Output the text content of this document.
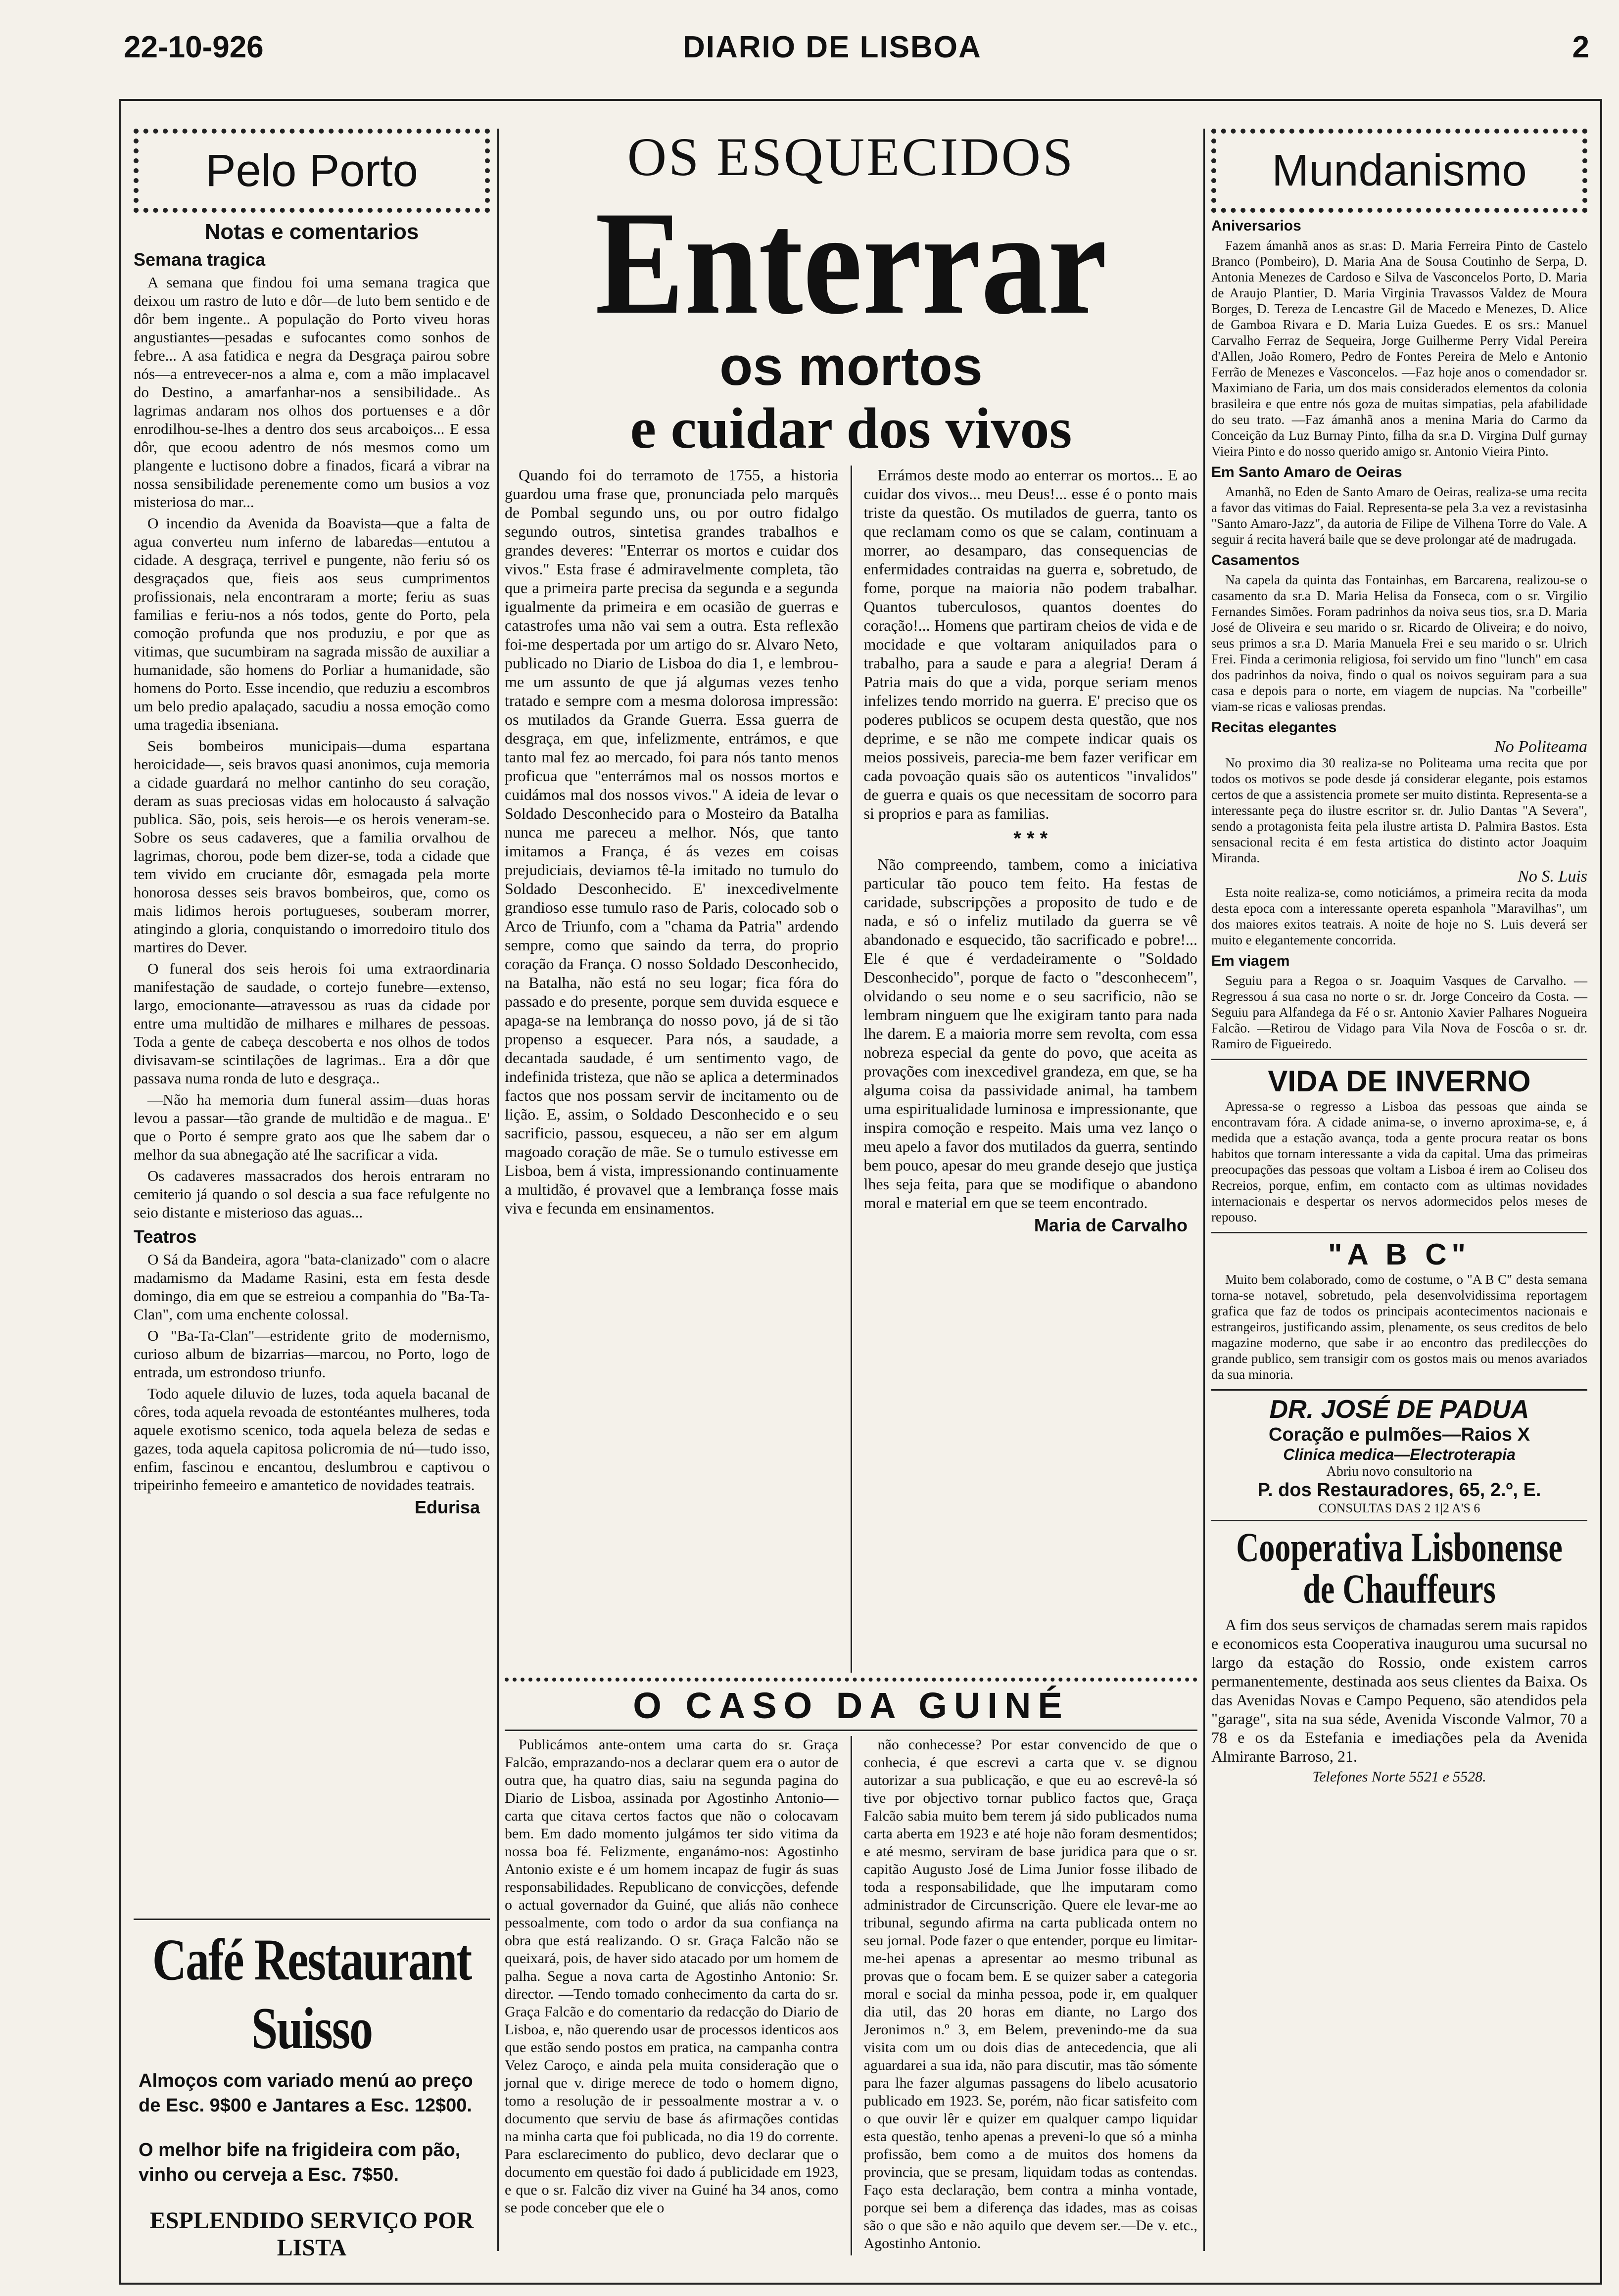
22-10-926	DIARIO DE LISBOA	2
Pelo Porto
Notas e comentarios
Semana tragica

A semana que findou foi uma semana tragica que deixou um rastro de luto e dôr—de luto bem sentido e de dôr bem ingente.. A população do Porto viveu horas angustiantes—pesadas e sufocantes como sonhos de febre... A asa fatidica e negra da Desgraça pairou sobre nós—a entrevecer-nos a alma e, com a mão implacavel do Destino, a amarfanhar-nos a sensibilidade.. As lagrimas andaram nos olhos dos portuenses e a dôr enrodilhou-se-lhes a dentro dos seus arcaboiços... E essa dôr, que ecoou adentro de nós mesmos como um plangente e luctisono dobre a finados, ficará a vibrar na nossa sensibilidade perenemente como um busios a voz misteriosa do mar...

O incendio da Avenida da Boavista—que a falta de agua converteu num inferno de labaredas—entutou a cidade. A desgraça, terrivel e pungente, não feriu só os desgraçados que, fieis aos seus cumprimentos profissionais, nela encontraram a morte; feriu as suas familias e feriu-nos a nós todos, gente do Porto, pela comoção profunda que nos produziu, e por que as vitimas, que sucumbiram na sagrada missão de auxiliar a humanidade, são homens do Porliar a humanidade, são homens do Porto. Esse incendio, que reduziu a escombros um belo predio apalaçado, sacudiu a nossa emoção como uma tragedia ibseniana.

Seis bombeiros municipais—duma espartana heroicidade—, seis bravos quasi anonimos, cuja memoria a cidade guardará no melhor cantinho do seu coração, deram as suas preciosas vidas em holocausto á salvação publica. São, pois, seis herois—e os herois veneram-se. Sobre os seus cadaveres, que a familia orvalhou de lagrimas, chorou, pode bem dizer-se, toda a cidade que tem vivido em cruciante dôr, esmagada pela morte honorosa desses seis bravos bombeiros, que, como os mais lidimos herois portugueses, souberam morrer, atingindo a gloria, conquistando o imorredoiro titulo dos martires do Dever.

O funeral dos seis herois foi uma extraordinaria manifestação de saudade, o cortejo funebre—extenso, largo, emocionante—atravessou as ruas da cidade por entre uma multidão de milhares e milhares de pessoas. Toda a gente de cabeça descoberta e nos olhos de todos divisavam-se scintilações de lagrimas.. Era a dôr que passava numa ronda de luto e desgraça..

—Não ha memoria dum funeral assim—duas horas levou a passar—tão grande de multidão e de magua.. E' que o Porto é sempre grato aos que lhe sabem dar o melhor da sua abnegação até lhe sacrificar a vida.

Os cadaveres massacrados dos herois entraram no cemiterio já quando o sol descia a sua face refulgente no seio distante e misterioso das aguas...

Teatros

O Sá da Bandeira, agora "bata-clanizado" com o alacre madamismo da Madame Rasini, esta em festa desde domingo, dia em que se estreiou a companhia do "Ba-Ta-Clan", com uma enchente colossal.

O "Ba-Ta-Clan"—estridente grito de modernismo, curioso album de bizarrias—marcou, no Porto, logo de entrada, um estrondoso triunfo.

Todo aquele diluvio de luzes, toda aquela bacanal de côres, toda aquela revoada de estontéantes mulheres, toda aquele exotismo scenico, toda aquela beleza de sedas e gazes, toda aquela capitosa policromia de nú—tudo isso, enfim, fascinou e encantou, deslumbrou e captivou o tripeirinho femeeiro e amantetico de novidades teatrais.

Edurisa
Café Restaurant Suisso
Almoços com variado menú ao preço de Esc. 9$00 e Jantares a Esc. 12$00.
O melhor bife na frigideira com pão, vinho ou cerveja a Esc. 7$50.
ESPLENDIDO SERVIÇO POR LISTA
OS ESQUECIDOS
Enterrar
os mortos
e cuidar dos vivos

Quando foi do terramoto de 1755, a historia guardou uma frase que, pronunciada pelo marquês de Pombal segundo uns, ou por outro fidalgo segundo outros, sintetisa grandes trabalhos e grandes deveres: "Enterrar os mortos e cuidar dos vivos." Esta frase é admiravelmente completa, tão que a primeira parte precisa da segunda e a segunda igualmente da primeira e em ocasião de guerras e catastrofes uma não vai sem a outra. Esta reflexão foi-me despertada por um artigo do sr. Alvaro Neto, publicado no Diario de Lisboa do dia 1, e lembrou-me um assunto de que já algumas vezes tenho tratado e sempre com a mesma dolorosa impressão: os mutilados da Grande Guerra. Essa guerra de desgraça, em que, infelizmente, entrámos, e que tanto mal fez ao mercado, foi para nós tanto menos proficua que "enterrámos mal os nossos mortos e cuidámos mal dos nossos vivos." A ideia de levar o Soldado Desconhecido para o Mosteiro da Batalha nunca me pareceu a melhor. Nós, que tanto imitamos a França, é ás vezes em coisas prejudiciais, deviamos tê-la imitado no tumulo do Soldado Desconhecido. E' inexcedivelmente grandioso esse tumulo raso de Paris, colocado sob o Arco de Triunfo, com a "chama da Patria" ardendo sempre, como que saindo da terra, do proprio coração da França. O nosso Soldado Desconhecido, na Batalha, não está no seu logar; fica fóra do passado e do presente, porque sem duvida esquece e apaga-se na lembrança do nosso povo, já de si tão propenso a esquecer. Para nós, a saudade, a decantada saudade, é um sentimento vago, de indefinida tristeza, que não se aplica a determinados factos que nos possam servir de incitamento ou de lição. E, assim, o Soldado Desconhecido e o seu sacrificio, passou, esqueceu, a não ser em algum magoado coração de mãe. Se o tumulo estivesse em Lisboa, bem á vista, impressionando continuamente a multidão, é provavel que a lembrança fosse mais viva e fecunda em ensinamentos.

Errámos deste modo ao enterrar os mortos... E ao cuidar dos vivos... meu Deus!... esse é o ponto mais triste da questão. Os mutilados de guerra, tanto os que reclamam como os que se calam, continuam a morrer, ao desamparo, das consequencias de enfermidades contraidas na guerra e, sobretudo, de fome, porque na maioria não podem trabalhar. Quantos tuberculosos, quantos doentes do coração!... Homens que partiram cheios de vida e de mocidade e que voltaram aniquilados para o trabalho, para a saude e para a alegria! Deram á Patria mais do que a vida, porque seriam menos infelizes tendo morrido na guerra. E' preciso que os poderes publicos se ocupem desta questão, que nos deprime, e se não me compete indicar quais os meios possiveis, parecia-me bem fazer verificar em cada povoação quais são os autenticos "invalidos" de guerra e quais os que necessitam de socorro para si proprios e para as familias.

* * *

Não compreendo, tambem, como a iniciativa particular tão pouco tem feito. Ha festas de caridade, subscripções a proposito de tudo e de nada, e só o infeliz mutilado da guerra se vê abandonado e esquecido, tão sacrificado e pobre!... Ele é que é verdadeiramente o "Soldado Desconhecido", porque de facto o "desconhecem", olvidando o seu nome e o seu sacrificio, não se lembram ninguem que lhe exigiram tanto para nada lhe darem. E a maioria morre sem revolta, com essa nobreza especial da gente do povo, que aceita as provações com inexcedivel grandeza, em que, se ha alguma coisa da passividade animal, ha tambem uma espiritualidade luminosa e impressionante, que inspira comoção e respeito. Mais uma vez lanço o meu apelo a favor dos mutilados da guerra, sentindo bem pouco, apesar do meu grande desejo que justiça lhes seja feita, para que se modifique o abandono moral e material em que se teem encontrado.

Maria de Carvalho
O CASO DA GUINÉ

Publicámos ante-ontem uma carta do sr. Graça Falcão, emprazando-nos a declarar quem era o autor de outra que, ha quatro dias, saiu na segunda pagina do Diario de Lisboa, assinada por Agostinho Antonio—carta que citava certos factos que não o colocavam bem. Em dado momento julgámos ter sido vitima da nossa boa fé. Felizmente, enganámo-nos: Agostinho Antonio existe e é um homem incapaz de fugir ás suas responsabilidades. Republicano de convicções, defende o actual governador da Guiné, que aliás não conhece pessoalmente, com todo o ardor da sua confiança na obra que está realizando. O sr. Graça Falcão não se queixará, pois, de haver sido atacado por um homem de palha. Segue a nova carta de Agostinho Antonio: Sr. director. —Tendo tomado conhecimento da carta do sr. Graça Falcão e do comentario da redacção do Diario de Lisboa, e, não querendo usar de processos identicos aos que estão sendo postos em pratica, na campanha contra Velez Caroço, e ainda pela muita consideração que o jornal que v. dirige merece de todo o homem digno, tomo a resolução de ir pessoalmente mostrar a v. o documento que serviu de base ás afirmações contidas na minha carta que foi publicada, no dia 19 do corrente. Para esclarecimento do publico, devo declarar que o documento em questão foi dado á publicidade em 1923, e que o sr. Falcão diz viver na Guiné ha 34 anos, como se pode conceber que ele o

não conhecesse? Por estar convencido de que o conhecia, é que escrevi a carta que v. se dignou autorizar a sua publicação, e que eu ao escrevê-la só tive por objectivo tornar publico factos que, Graça Falcão sabia muito bem terem já sido publicados numa carta aberta em 1923 e até hoje não foram desmentidos; e até mesmo, serviram de base juridica para que o sr. capitão Augusto José de Lima Junior fosse ilibado de toda a responsabilidade, que lhe imputaram como administrador de Circunscrição. Quere ele levar-me ao tribunal, segundo afirma na carta publicada ontem no seu jornal. Pode fazer o que entender, porque eu limitar-me-hei apenas a apresentar ao mesmo tribunal as provas que o focam bem. E se quizer saber a categoria moral e social da minha pessoa, pode ir, em qualquer dia util, das 20 horas em diante, no Largo dos Jeronimos n.º 3, em Belem, prevenindo-me da sua visita com um ou dois dias de antecedencia, que ali aguardarei a sua ida, não para discutir, mas tão sómente para lhe fazer algumas passagens do libelo acusatorio publicado em 1923. Se, porém, não ficar satisfeito com o que ouvir lêr e quizer em qualquer campo liquidar esta questão, tenho apenas a preveni-lo que só a minha profissão, bem como a de muitos dos homens da provincia, que se presam, liquidam todas as contendas. Faço esta declaração, bem contra a minha vontade, porque sei bem a diferença das idades, mas as coisas são o que são e não aquilo que devem ser.—De v. etc., Agostinho Antonio.

Mundanismo
Aniversarios

Fazem ámanhã anos as sr.as: D. Maria Ferreira Pinto de Castelo Branco (Pombeiro), D. Maria Ana de Sousa Coutinho de Serpa, D. Antonia Menezes de Cardoso e Silva de Vasconcelos Porto, D. Maria de Araujo Plantier, D. Maria Virginia Travassos Valdez de Moura Borges, D. Tereza de Lencastre Gil de Macedo e Menezes, D. Alice de Gamboa Rivara e D. Maria Luiza Guedes. E os srs.: Manuel Carvalho Ferraz de Sequeira, Jorge Guilherme Perry Vidal Pereira d'Allen, João Romero, Pedro de Fontes Pereira de Melo e Antonio Ferrão de Menezes e Vasconcelos. —Faz hoje anos o comendador sr. Maximiano de Faria, um dos mais considerados elementos da colonia brasileira e que entre nós goza de muitas simpatias, pela afabilidade do seu trato. —Faz ámanhã anos a menina Maria do Carmo da Conceição da Luz Burnay Pinto, filha da sr.a D. Virgina Dulf gurnay Vieira Pinto e do nosso querido amigo sr. Antonio Vieira Pinto.

Em Santo Amaro de Oeiras

Amanhã, no Eden de Santo Amaro de Oeiras, realiza-se uma recita a favor das vitimas do Faial. Representa-se pela 3.a vez a revistasinha "Santo Amaro-Jazz", da autoria de Filipe de Vilhena Torre do Vale. A seguir á recita haverá baile que se deve prolongar até de madrugada.

Casamentos

Na capela da quinta das Fontainhas, em Barcarena, realizou-se o casamento da sr.a D. Maria Helisa da Fonseca, com o sr. Virgilio Fernandes Simões. Foram padrinhos da noiva seus tios, sr.a D. Maria José de Oliveira e seu marido o sr. Ricardo de Oliveira; e do noivo, seus primos a sr.a D. Maria Manuela Frei e seu marido o sr. Ulrich Frei. Finda a cerimonia religiosa, foi servido um fino "lunch" em casa dos padrinhos da noiva, findo o qual os noivos seguiram para a sua casa e depois para o norte, em viagem de nupcias. Na "corbeille" viam-se ricas e valiosas prendas.

Recitas elegantes
No Politeama

No proximo dia 30 realiza-se no Politeama uma recita que por todos os motivos se pode desde já considerar elegante, pois estamos certos de que a assistencia promete ser muito distinta. Representa-se a interessante peça do ilustre escritor sr. dr. Julio Dantas "A Severa", sendo a protagonista feita pela ilustre artista D. Palmira Bastos. Esta sensacional recita é em festa artistica do distinto actor Joaquim Miranda.

No S. Luis

Esta noite realiza-se, como noticiámos, a primeira recita da moda desta epoca com a interessante opereta espanhola "Maravilhas", um dos maiores exitos teatrais. A noite de hoje no S. Luis deverá ser muito e elegantemente concorrida.

Em viagem

Seguiu para a Regoa o sr. Joaquim Vasques de Carvalho. —Regressou á sua casa no norte o sr. dr. Jorge Conceiro da Costa. —Seguiu para Alfandega da Fé o sr. Antonio Xavier Palhares Nogueira Falcão. —Retirou de Vidago para Vila Nova de Foscôa o sr. dr. Ramiro de Figueiredo.

VIDA DE INVERNO

Apressa-se o regresso a Lisboa das pessoas que ainda se encontravam fóra. A cidade anima-se, o inverno aproxima-se, e, á medida que a estação avança, toda a gente procura reatar os bons habitos que tornam interessante a vida da capital. Uma das primeiras preocupações das pessoas que voltam a Lisboa é irem ao Coliseu dos Recreios, porque, enfim, em contacto com as ultimas novidades internacionais e despertar os nervos adormecidos pelos meses de repouso.

"A B C"

Muito bem colaborado, como de costume, o "A B C" desta semana torna-se notavel, sobretudo, pela desenvolvidissima reportagem grafica que faz de todos os principais acontecimentos nacionais e estrangeiros, justificando assim, plenamente, os seus creditos de belo magazine moderno, que sabe ir ao encontro das predilecções do grande publico, sem transigir com os gostos mais ou menos avariados da sua minoria.

DR. JOSÉ DE PADUA
Coração e pulmões—Raios X
Clinica medica—Electroterapia
Abriu novo consultorio na
P. dos Restauradores, 65, 2.º, E.
CONSULTAS DAS 2 1|2 A'S 6
Cooperativa Lisbonense
de Chauffeurs

A fim dos seus serviços de chamadas serem mais rapidos e economicos esta Cooperativa inaugurou uma sucursal no largo da estação do Rossio, onde existem carros permanentemente, destinada aos seus clientes da Baixa. Os das Avenidas Novas e Campo Pequeno, são atendidos pela "garage", sita na sua séde, Avenida Visconde Valmor, 70 a 78 e os da Estefania e imediações pela da Avenida Almirante Barroso, 21.

Telefones Norte 5521 e 5528.
